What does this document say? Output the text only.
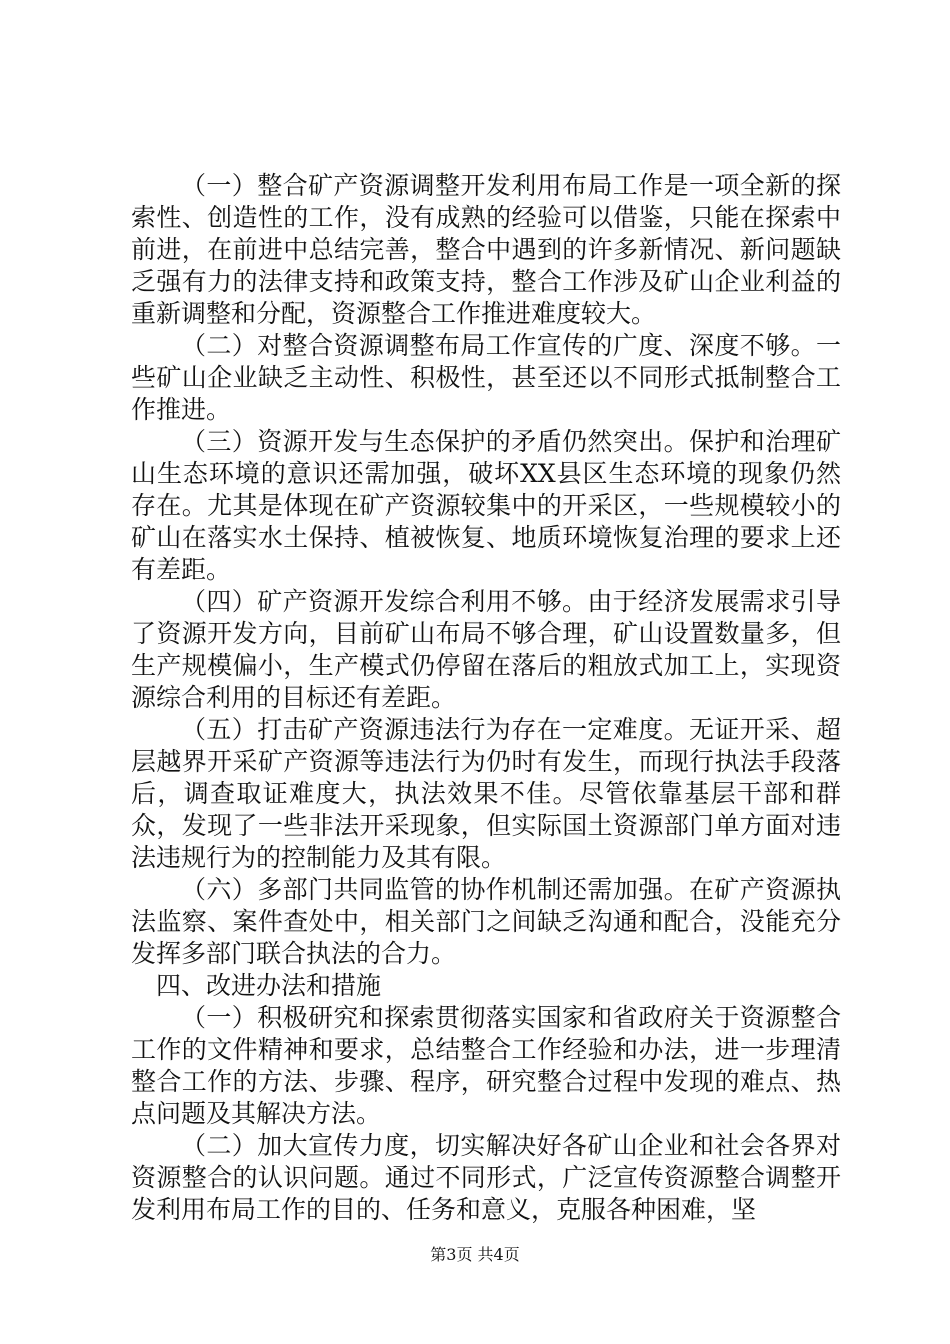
（一）整合矿产资源调整开发利用布局工作是一项全新的探索性、创造性的工作，没有成熟的经验可以借鉴，只能在探索中前进，在前进中总结完善，整合中遇到的许多新情况、新问题缺乏强有力的法律支持和政策支持，整合工作涉及矿山企业利益的重新调整和分配，资源整合工作推进难度较大。

（二）对整合资源调整布局工作宣传的广度、深度不够。一些矿山企业缺乏主动性、积极性，甚至还以不同形式抵制整合工作推进。

（三）资源开发与生态保护的矛盾仍然突出。保护和治理矿山生态环境的意识还需加强，破坏XX县区生态环境的现象仍然存在。尤其是体现在矿产资源较集中的开采区，一些规模较小的矿山在落实水土保持、植被恢复、地质环境恢复治理的要求上还有差距。

（四）矿产资源开发综合利用不够。由于经济发展需求引导了资源开发方向，目前矿山布局不够合理，矿山设置数量多，但生产规模偏小，生产模式仍停留在落后的粗放式加工上，实现资源综合利用的目标还有差距。

（五）打击矿产资源违法行为存在一定难度。无证开采、超层越界开采矿产资源等违法行为仍时有发生，而现行执法手段落后，调查取证难度大，执法效果不佳。尽管依靠基层干部和群众，发现了一些非法开采现象，但实际国土资源部门单方面对违法违规行为的控制能力及其有限。

（六）多部门共同监管的协作机制还需加强。在矿产资源执法监察、案件查处中，相关部门之间缺乏沟通和配合，没能充分发挥多部门联合执法的合力。

四、改进办法和措施

（一）积极研究和探索贯彻落实国家和省政府关于资源整合工作的文件精神和要求，总结整合工作经验和办法，进一步理清整合工作的方法、步骤、程序，研究整合过程中发现的难点、热点问题及其解决方法。

（二）加大宣传力度，切实解决好各矿山企业和社会各界对资源整合的认识问题。通过不同形式，广泛宣传资源整合调整开发利用布局工作的目的、任务和意义，克服各种困难，坚

第3页 共4页
